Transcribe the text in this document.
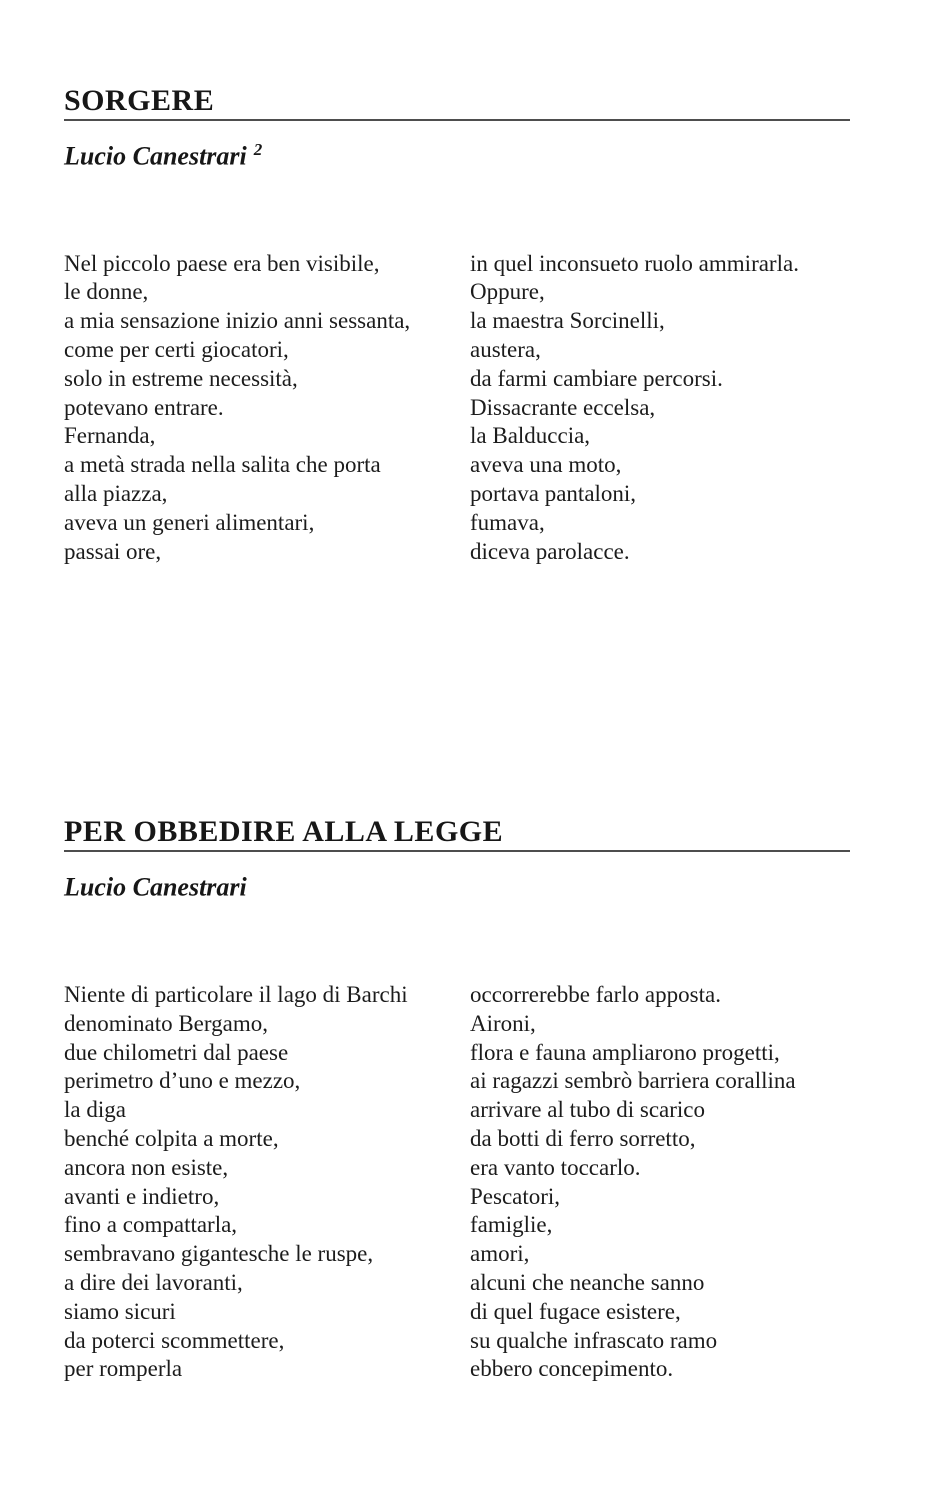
SORGERE

Lucio Canestrari $^2$

Nel piccolo paese era ben visibile,
le donne,
a mia sensazione inizio anni sessanta,
come per certi giocatori,
solo in estreme necessità,
potevano entrare.
Fernanda,
a metà strada nella salita che porta
alla piazza,
aveva un generi alimentari,
passai ore,
in quel inconsueto ruolo ammirarla.
Oppure,
la maestra Sorcinelli,
austera,
da farmi cambiare percorsi.
Dissacrante eccelsa,
la Balduccia,
aveva una moto,
portava pantaloni,
fumava,
diceva parolacce.
PER OBBEDIRE ALLA LEGGE

Lucio Canestrari

Niente di particolare il lago di Barchi
denominato Bergamo,
due chilometri dal paese
perimetro d’uno e mezzo,
la diga
benché colpita a morte,
ancora non esiste,
avanti e indietro,
fino a compattarla,
sembravano gigantesche le ruspe,
a dire dei lavoranti,
siamo sicuri
da poterci scommettere,
per romperla
occorrerebbe farlo apposta.
Aironi,
flora e fauna ampliarono progetti,
ai ragazzi sembrò barriera corallina
arrivare al tubo di scarico
da botti di ferro sorretto,
era vanto toccarlo.
Pescatori,
famiglie,
amori,
alcuni che neanche sanno
di quel fugace esistere,
su qualche infrascato ramo
ebbero concepimento.
